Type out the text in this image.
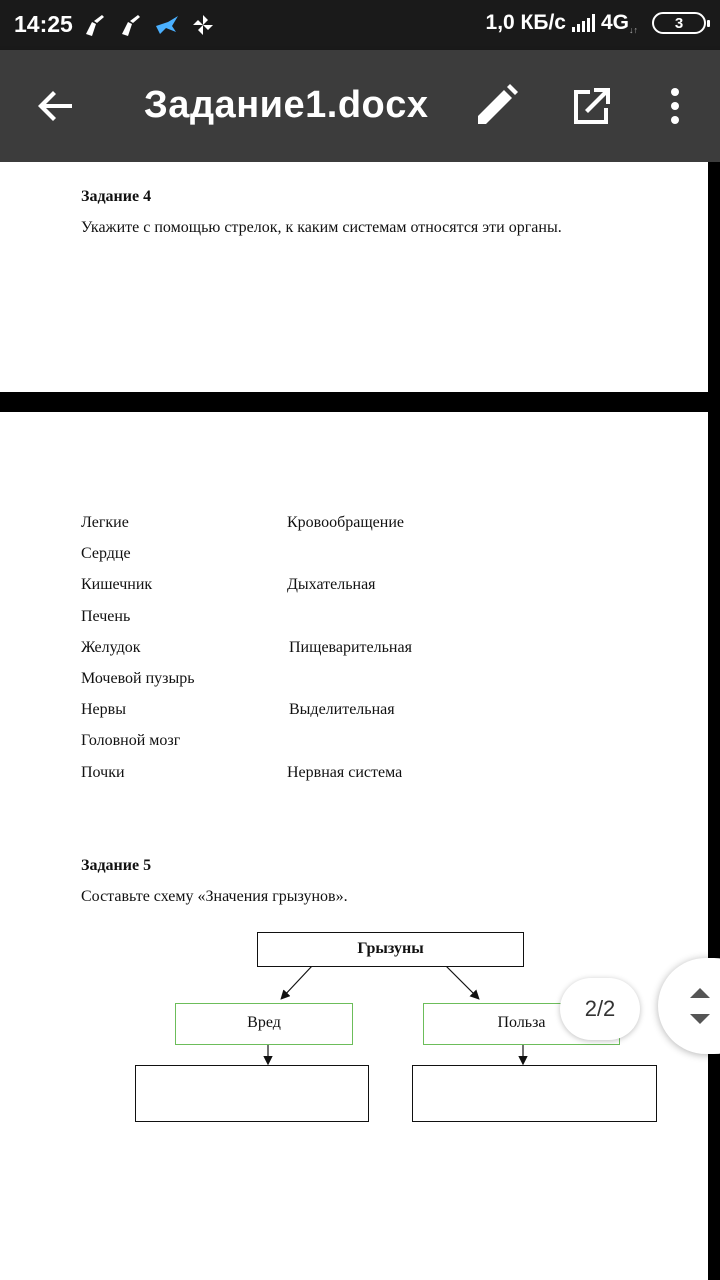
14:25	1,0 КБ/с 4G↓↑ 3
Задание1.docx
Задание 4
Укажите с помощью стрелок, к каким системам относятся эти органы.
Легкие
Сердце
Кишечник
Печень
Желудок
Мочевой пузырь
Нервы
Головной мозг
Почки
Кровообращение
Дыхательная
Пищеварительная
Выделительная
Нервная система
Задание 5
Составьте схему «Значения грызунов».
Грызуны
Вред	Польза
2/2
